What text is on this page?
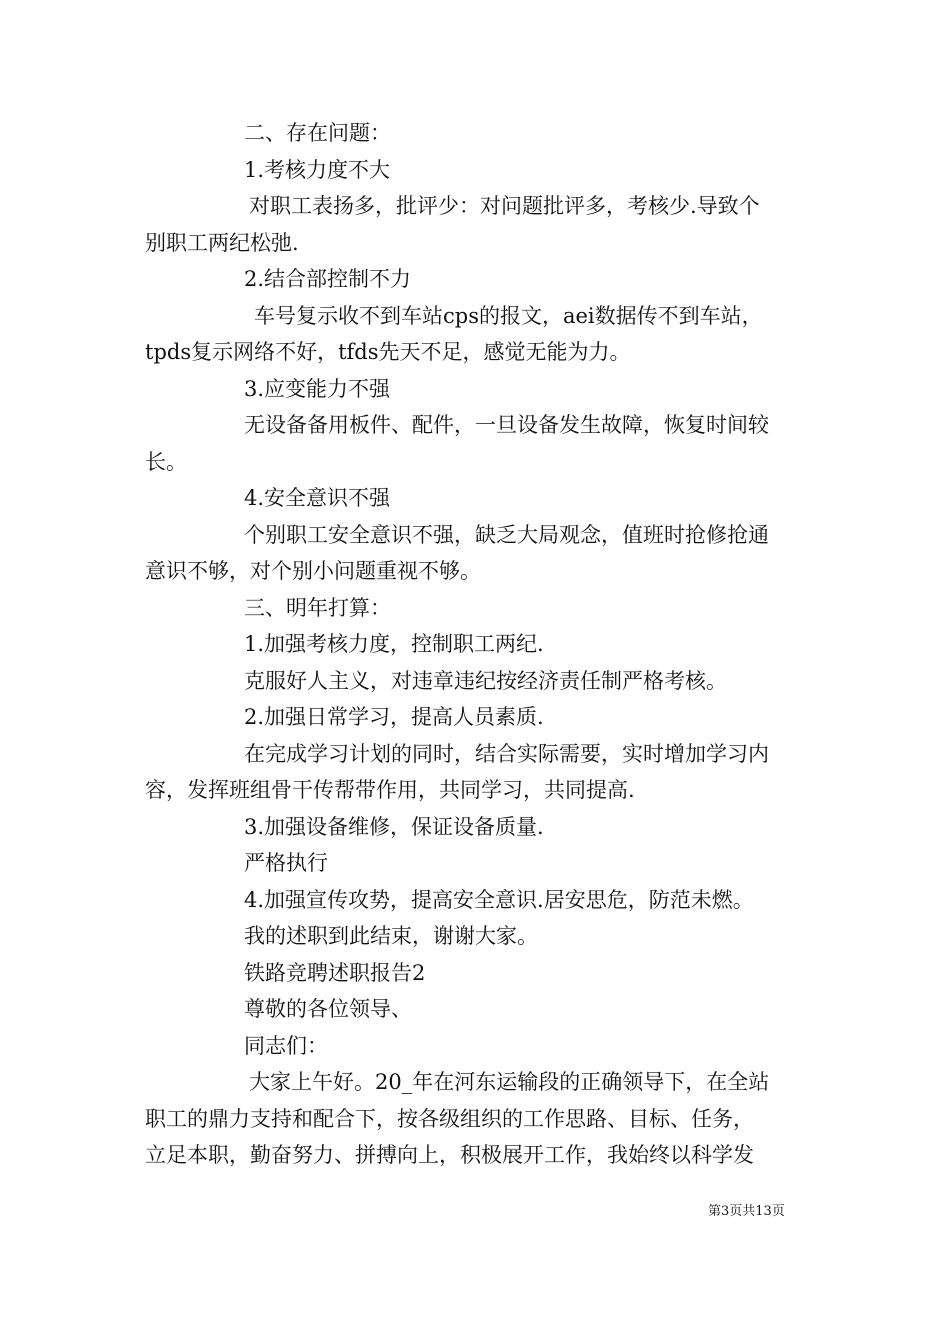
二、存在问题：
1.考核力度不大
对职工表扬多，批评少：对问题批评多，考核少.导致个
别职工两纪松弛.
2.结合部控制不力
车号复示收不到车站cps的报文，aei数据传不到车站，
tpds复示网络不好，tfds先天不足，感觉无能为力。
3.应变能力不强
无设备备用板件、配件，一旦设备发生故障，恢复时间较
长。
4.安全意识不强
个别职工安全意识不强，缺乏大局观念，值班时抢修抢通
意识不够，对个别小问题重视不够。
三、明年打算：
1.加强考核力度，控制职工两纪.
克服好人主义，对违章违纪按经济责任制严格考核。
2.加强日常学习，提高人员素质.
在完成学习计划的同时，结合实际需要，实时增加学习内
容，发挥班组骨干传帮带作用，共同学习，共同提高.
3.加强设备维修，保证设备质量.
严格执行
4.加强宣传攻势，提高安全意识.居安思危，防范未燃。
我的述职到此结束，谢谢大家。
铁路竞聘述职报告2
尊敬的各位领导、
同志们：
大家上午好。20_年在河东运输段的正确领导下，在全站
职工的鼎力支持和配合下，按各级组织的工作思路、目标、任务，
立足本职，勤奋努力、拼搏向上，积极展开工作，我始终以科学发
第3页共13页
